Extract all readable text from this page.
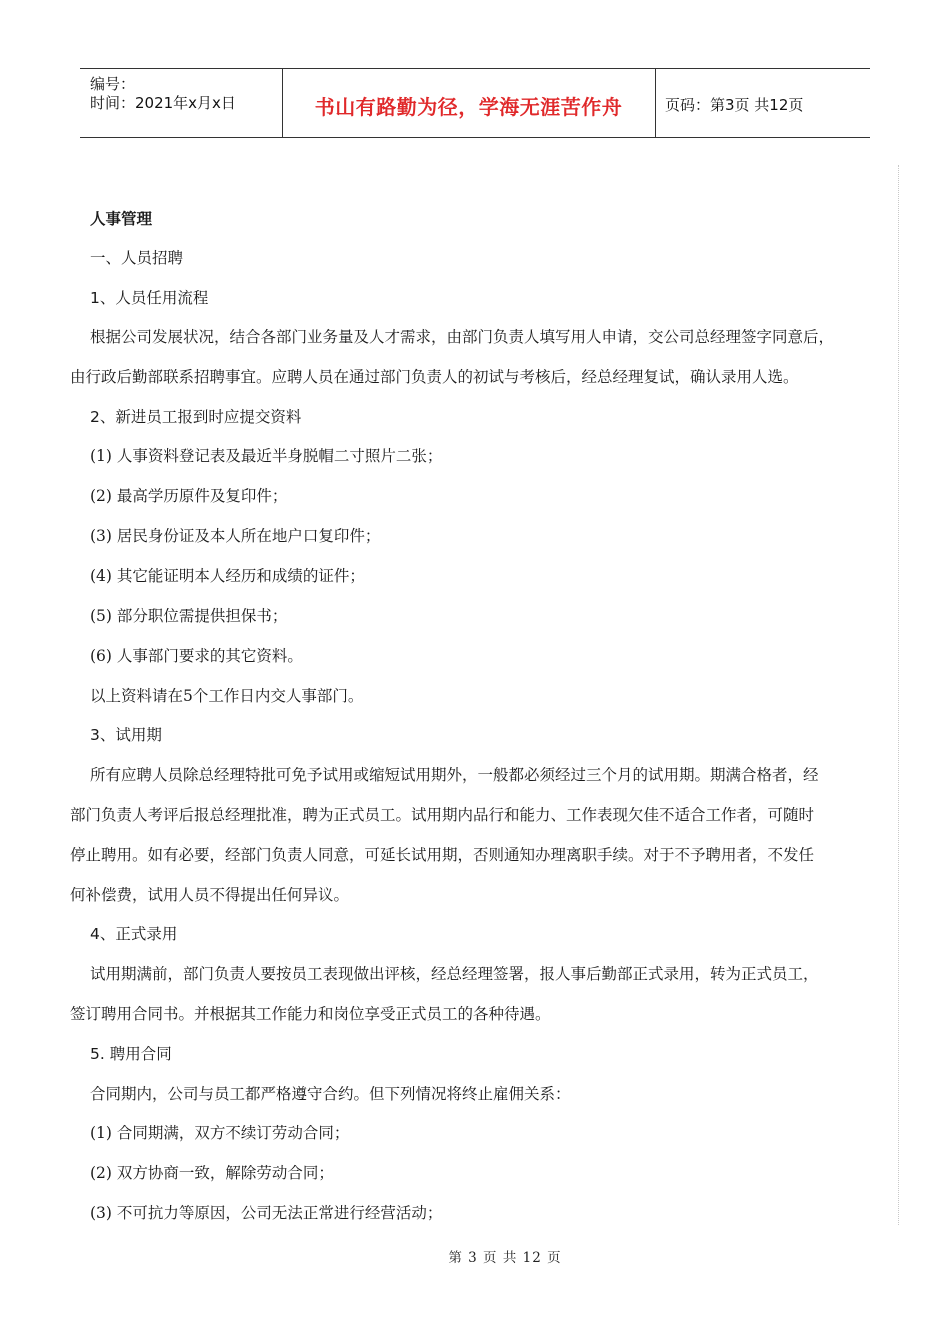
编号：
时间：2021年x月x日	书山有路勤为径，学海无涯苦作舟	页码：第3页 共12页
人事管理
一、人员招聘
1、人员任用流程
根据公司发展状况，结合各部门业务量及人才需求，由部门负责人填写用人申请，交公司总经理签字同意后，
由行政后勤部联系招聘事宜。应聘人员在通过部门负责人的初试与考核后，经总经理复试，确认录用人选。
2、新进员工报到时应提交资料
(1) 人事资料登记表及最近半身脱帽二寸照片二张；
(2) 最高学历原件及复印件；
(3) 居民身份证及本人所在地户口复印件；
(4) 其它能证明本人经历和成绩的证件；
(5) 部分职位需提供担保书；
(6) 人事部门要求的其它资料。
以上资料请在5个工作日内交人事部门。
3、试用期
所有应聘人员除总经理特批可免予试用或缩短试用期外，一般都必须经过三个月的试用期。期满合格者，经
部门负责人考评后报总经理批准，聘为正式员工。试用期内品行和能力、工作表现欠佳不适合工作者，可随时
停止聘用。如有必要，经部门负责人同意，可延长试用期，否则通知办理离职手续。对于不予聘用者，不发任
何补偿费，试用人员不得提出任何异议。
4、正式录用
试用期满前，部门负责人要按员工表现做出评核，经总经理签署，报人事后勤部正式录用，转为正式员工，
签订聘用合同书。并根据其工作能力和岗位享受正式员工的各种待遇。
5. 聘用合同
合同期内，公司与员工都严格遵守合约。但下列情况将终止雇佣关系：
(1) 合同期满，双方不续订劳动合同；
(2) 双方协商一致，解除劳动合同；
(3) 不可抗力等原因，公司无法正常进行经营活动；
第 3 页 共 12 页
